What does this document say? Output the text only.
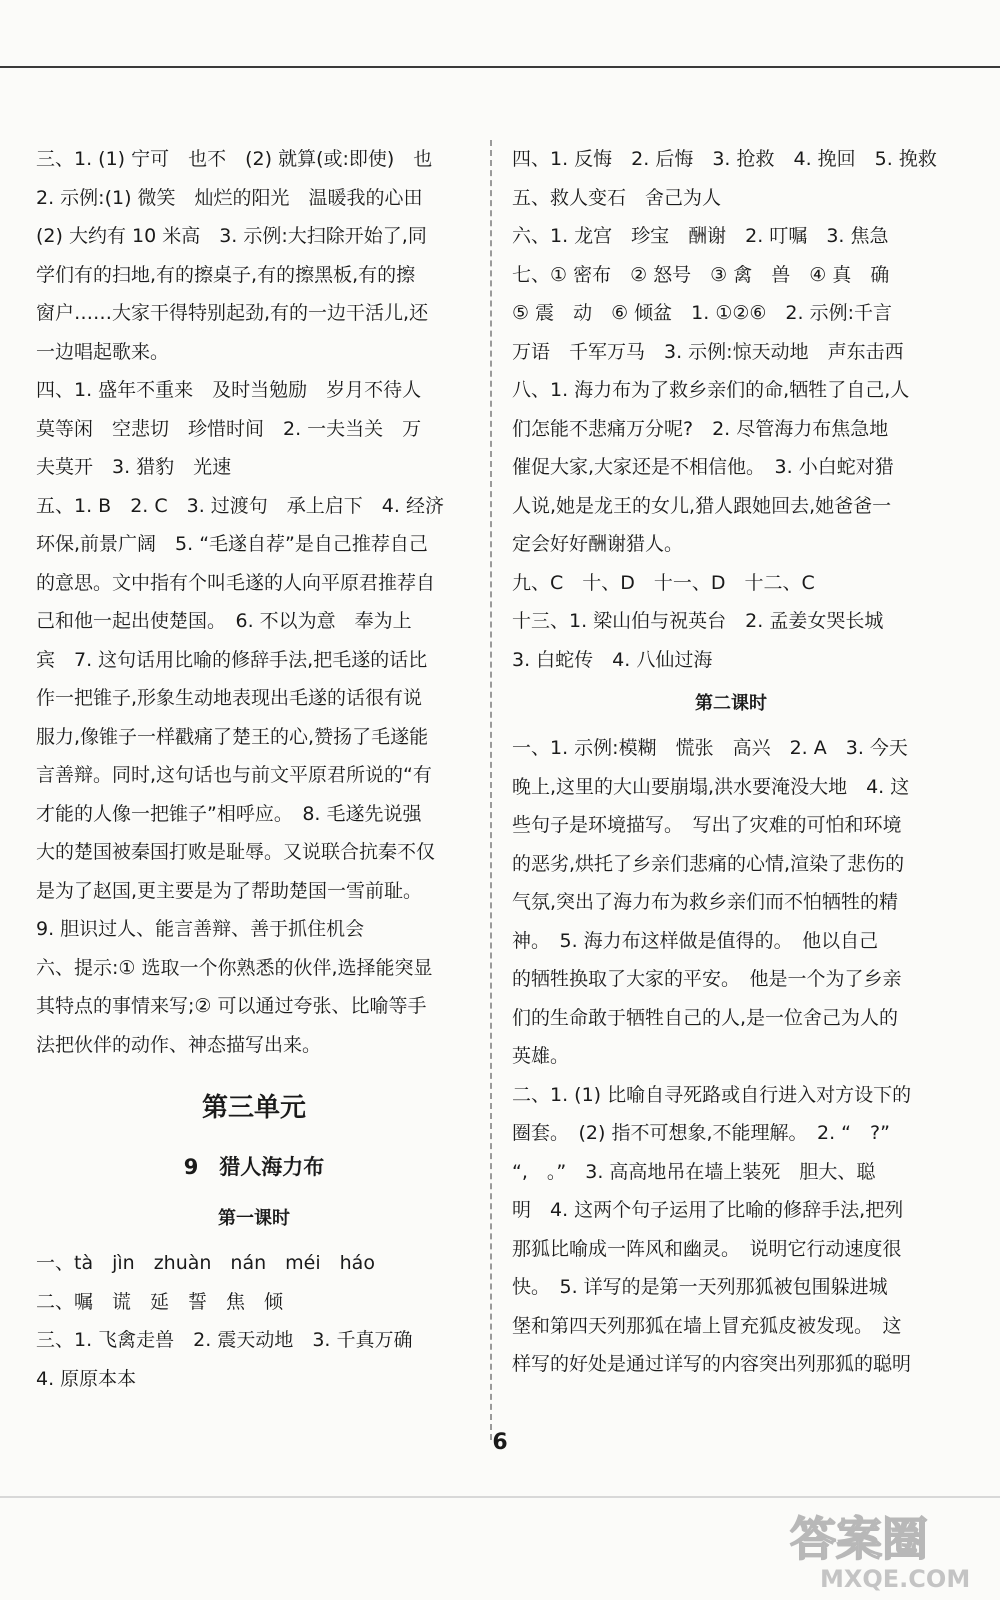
三、1. (1) 宁可　也不　(2) 就算(或:即使)　也
2. 示例:(1) 微笑　灿烂的阳光　温暖我的心田
(2) 大约有 10 米高　3. 示例:大扫除开始了,同
学们有的扫地,有的擦桌子,有的擦黑板,有的擦
窗户……大家干得特别起劲,有的一边干活儿,还
一边唱起歌来。
四、1. 盛年不重来　及时当勉励　岁月不待人
莫等闲　空悲切　珍惜时间　2. 一夫当关　万
夫莫开　3. 猎豹　光速
五、1. B　2. C　3. 过渡句　承上启下　4. 经济
环保,前景广阔　5. “毛遂自荐”是自己推荐自己
的意思。文中指有个叫毛遂的人向平原君推荐自
己和他一起出使楚国。　6. 不以为意　奉为上
宾　7. 这句话用比喻的修辞手法,把毛遂的话比
作一把锥子,形象生动地表现出毛遂的话很有说
服力,像锥子一样戳痛了楚王的心,赞扬了毛遂能
言善辩。同时,这句话也与前文平原君所说的“有
才能的人像一把锥子”相呼应。　8. 毛遂先说强
大的楚国被秦国打败是耻辱。又说联合抗秦不仅
是为了赵国,更主要是为了帮助楚国一雪前耻。
9. 胆识过人、能言善辩、善于抓住机会
六、提示:① 选取一个你熟悉的伙伴,选择能突显
其特点的事情来写;② 可以通过夸张、比喻等手
法把伙伴的动作、神态描写出来。
第三单元
9　猎人海力布
第一课时
一、tà　jìn　zhuàn　nán　méi　háo
二、嘱　谎　延　誓　焦　倾
三、1. 飞禽走兽　2. 震天动地　3. 千真万确
4. 原原本本
四、1. 反悔　2. 后悔　3. 抢救　4. 挽回　5. 挽救
五、救人变石　舍己为人
六、1. 龙宫　珍宝　酬谢　2. 叮嘱　3. 焦急
七、① 密布　② 怒号　③ 禽　兽　④ 真　确
⑤ 震　动　⑥ 倾盆　1. ①②⑥　2. 示例:千言
万语　千军万马　3. 示例:惊天动地　声东击西
八、1. 海力布为了救乡亲们的命,牺牲了自己,人
们怎能不悲痛万分呢?　2. 尽管海力布焦急地
催促大家,大家还是不相信他。　3. 小白蛇对猎
人说,她是龙王的女儿,猎人跟她回去,她爸爸一
定会好好酬谢猎人。
九、C　十、D　十一、D　十二、C
十三、1. 梁山伯与祝英台　2. 孟姜女哭长城
3. 白蛇传　4. 八仙过海
第二课时
一、1. 示例:模糊　慌张　高兴　2. A　3. 今天
晚上,这里的大山要崩塌,洪水要淹没大地　4. 这
些句子是环境描写。　写出了灾难的可怕和环境
的恶劣,烘托了乡亲们悲痛的心情,渲染了悲伤的
气氛,突出了海力布为救乡亲们而不怕牺牲的精
神。　5. 海力布这样做是值得的。　他以自己
的牺牲换取了大家的平安。　他是一个为了乡亲
们的生命敢于牺牲自己的人,是一位舍己为人的
英雄。
二、1. (1) 比喻自寻死路或自行进入对方设下的
圈套。　(2) 指不可想象,不能理解。　2. “　?”
“,　。”　3. 高高地吊在墙上装死　胆大、聪
明　4. 这两个句子运用了比喻的修辞手法,把列
那狐比喻成一阵风和幽灵。　说明它行动速度很
快。　5. 详写的是第一天列那狐被包围躲进城
堡和第四天列那狐在墙上冒充狐皮被发现。　这
样写的好处是通过详写的内容突出列那狐的聪明
6
答案圈
MXQE.COM
